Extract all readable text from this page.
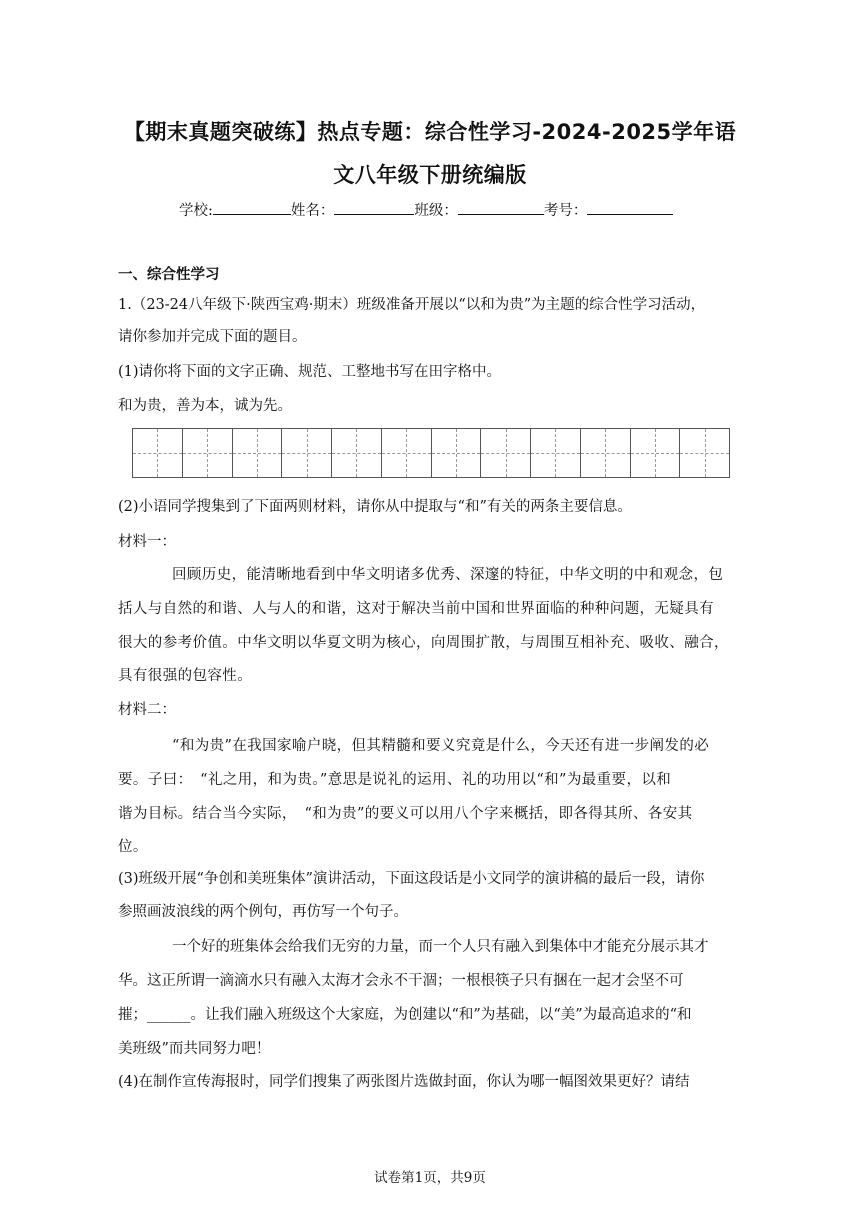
【期末真题突破练】热点专题：综合性学习-2024-2025学年语
文八年级下册统编版
学校:	姓名：	班级：	考号：
一、综合性学习
1.（23-24八年级下·陕西宝鸡·期末）班级准备开展以“以和为贵”为主题的综合性学习活动，
请你参加并完成下面的题目。
(1)请你将下面的文字正确、规范、工整地书写在田字格中。
和为贵，善为本，诚为先。
(2)小语同学搜集到了下面两则材料，请你从中提取与“和”有关的两条主要信息。
材料一：
回顾历史，能清晰地看到中华文明诸多优秀、深邃的特征，中华文明的中和观念，包
括人与自然的和谐、人与人的和谐，这对于解决当前中国和世界面临的种种问题，无疑具有
很大的参考价值。中华文明以华夏文明为核心，向周围扩散，与周围互相补充、吸收、融合，
具有很强的包容性。
材料二：
“和为贵”在我国家喻户晓，但其精髓和要义究竟是什么，今天还有进一步阐发的必
要。子曰：　“礼之用，和为贵。”意思是说礼的运用、礼的功用以“和”为最重要，以和
谐为目标。结合当今实际，　“和为贵”的要义可以用八个字来概括，即各得其所、各安其
位。
(3)班级开展“争创和美班集体”演讲活动，下面这段话是小文同学的演讲稿的最后一段，请你
参照画波浪线的两个例句，再仿写一个句子。
一个好的班集体会给我们无穷的力量，而一个人只有融入到集体中才能充分展示其才
华。这正所谓一滴滴水只有融入太海才会永不干涸；一根根筷子只有捆在一起才会坚不可
摧；______。让我们融入班级这个大家庭，为创建以“和”为基础，以“美”为最高追求的“和
美班级”而共同努力吧！
(4)在制作宣传海报时，同学们搜集了两张图片选做封面，你认为哪一幅图效果更好？请结
试卷第1页，共9页
